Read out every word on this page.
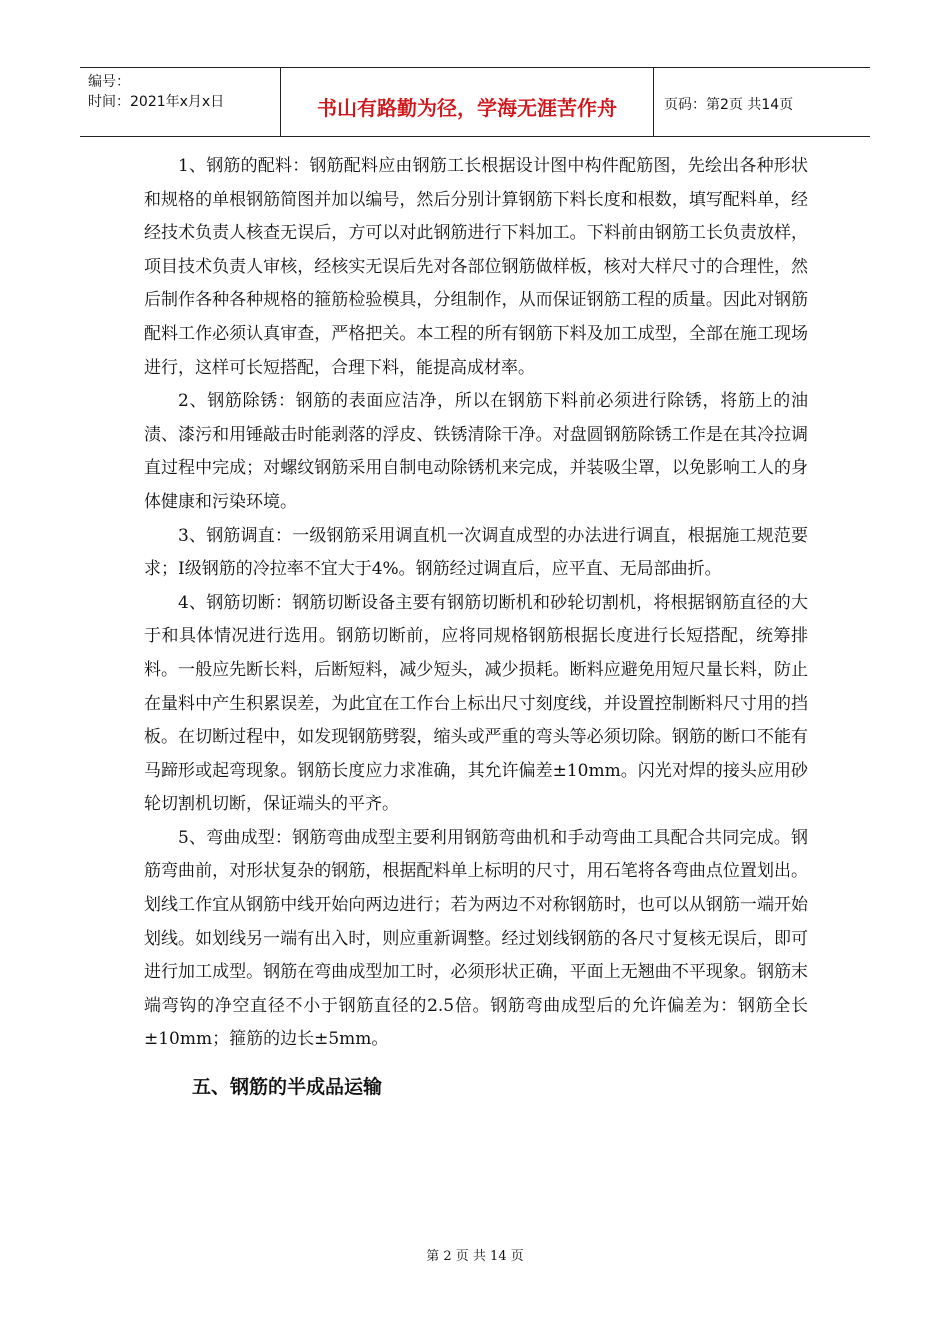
编号：
时间：2021年x月x日	书山有路勤为径，学海无涯苦作舟	页码：第2页 共14页

1、钢筋的配料：钢筋配料应由钢筋工长根据设计图中构件配筋图，先绘出各种形状和规格的单根钢筋简图并加以编号，然后分别计算钢筋下料长度和根数，填写配料单，经经技术负责人核查无误后，方可以对此钢筋进行下料加工。下料前由钢筋工长负责放样，项目技术负责人审核，经核实无误后先对各部位钢筋做样板，核对大样尺寸的合理性，然后制作各种各种规格的箍筋检验模具，分组制作，从而保证钢筋工程的质量。因此对钢筋配料工作必须认真审查，严格把关。本工程的所有钢筋下料及加工成型，全部在施工现场进行，这样可长短搭配，合理下料，能提高成材率。

2、钢筋除锈：钢筋的表面应洁净，所以在钢筋下料前必须进行除锈，将筋上的油渍、漆污和用锤敲击时能剥落的浮皮、铁锈清除干净。对盘圆钢筋除锈工作是在其冷拉调直过程中完成；对螺纹钢筋采用自制电动除锈机来完成，并装吸尘罩，以免影响工人的身体健康和污染环境。

3、钢筋调直：一级钢筋采用调直机一次调直成型的办法进行调直，根据施工规范要求；I级钢筋的冷拉率不宜大于4%。钢筋经过调直后，应平直、无局部曲折。

4、钢筋切断：钢筋切断设备主要有钢筋切断机和砂轮切割机，将根据钢筋直径的大于和具体情况进行选用。钢筋切断前，应将同规格钢筋根据长度进行长短搭配，统筹排料。一般应先断长料，后断短料，减少短头，减少损耗。断料应避免用短尺量长料，防止在量料中产生积累误差，为此宜在工作台上标出尺寸刻度线，并设置控制断料尺寸用的挡板。在切断过程中，如发现钢筋劈裂，缩头或严重的弯头等必须切除。钢筋的断口不能有马蹄形或起弯现象。钢筋长度应力求准确，其允许偏差±10mm。闪光对焊的接头应用砂轮切割机切断，保证端头的平齐。

5、弯曲成型：钢筋弯曲成型主要利用钢筋弯曲机和手动弯曲工具配合共同完成。钢筋弯曲前，对形状复杂的钢筋，根据配料单上标明的尺寸，用石笔将各弯曲点位置划出。划线工作宜从钢筋中线开始向两边进行；若为两边不对称钢筋时，也可以从钢筋一端开始划线。如划线另一端有出入时，则应重新调整。经过划线钢筋的各尺寸复核无误后，即可进行加工成型。钢筋在弯曲成型加工时，必须形状正确，平面上无翘曲不平现象。钢筋末端弯钩的净空直径不小于钢筋直径的2.5倍。钢筋弯曲成型后的允许偏差为：钢筋全长±10mm；箍筋的边长±5mm。

五、钢筋的半成品运输
第 2 页 共 14 页
